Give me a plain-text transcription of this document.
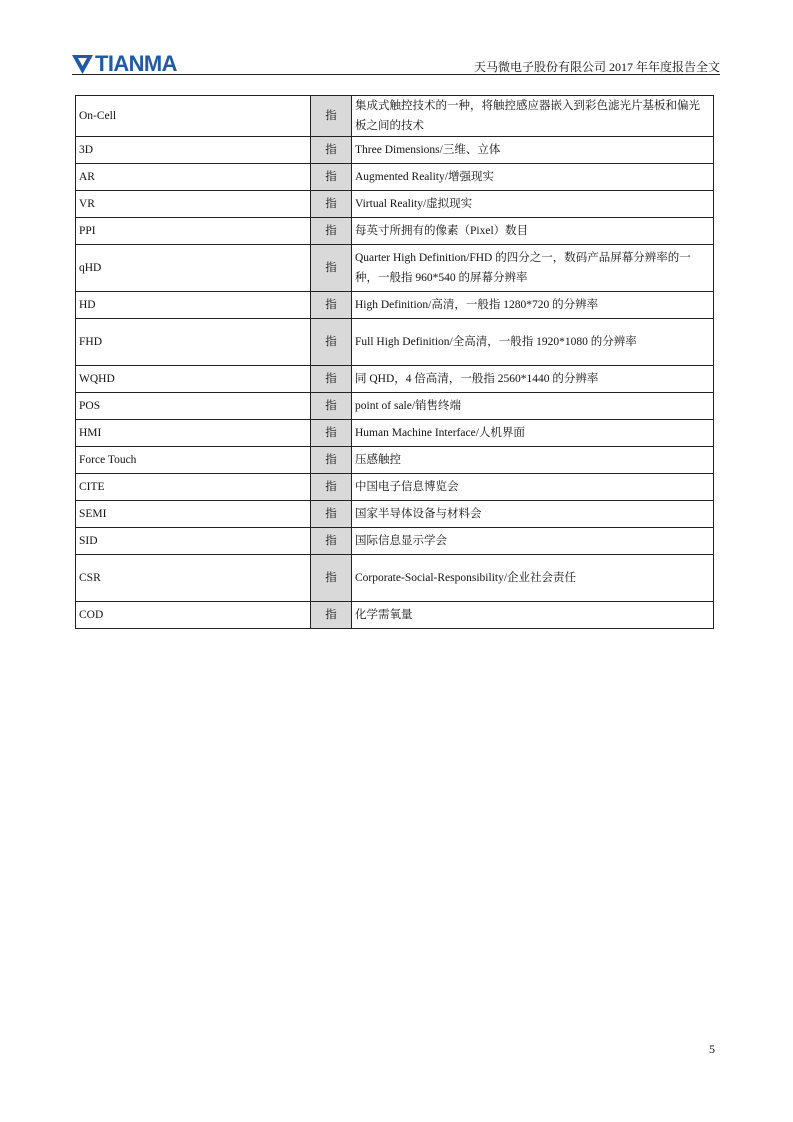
TIANMA	天马微电子股份有限公司 2017 年年度报告全文
On-Cell	指	集成式触控技术的一种，将触控感应器嵌入到彩色滤光片基板和偏光板之间的技术
3D	指	Three Dimensions/三维、立体
AR	指	Augmented Reality/增强现实
VR	指	Virtual Reality/虚拟现实
PPI	指	每英寸所拥有的像素（Pixel）数目
qHD	指	Quarter High Definition/FHD 的四分之一，数码产品屏幕分辨率的一种，一般指 960*540 的屏幕分辨率
HD	指	High Definition/高清，一般指 1280*720 的分辨率
FHD	指	Full High Definition/全高清，一般指 1920*1080 的分辨率
WQHD	指	同 QHD，4 倍高清，一般指 2560*1440 的分辨率
POS	指	point of sale/销售终端
HMI	指	Human Machine Interface/人机界面
Force Touch	指	压感触控
CITE	指	中国电子信息博览会
SEMI	指	国家半导体设备与材料会
SID	指	国际信息显示学会
CSR	指	Corporate-Social-Responsibility/企业社会责任
COD	指	化学需氧量
5
